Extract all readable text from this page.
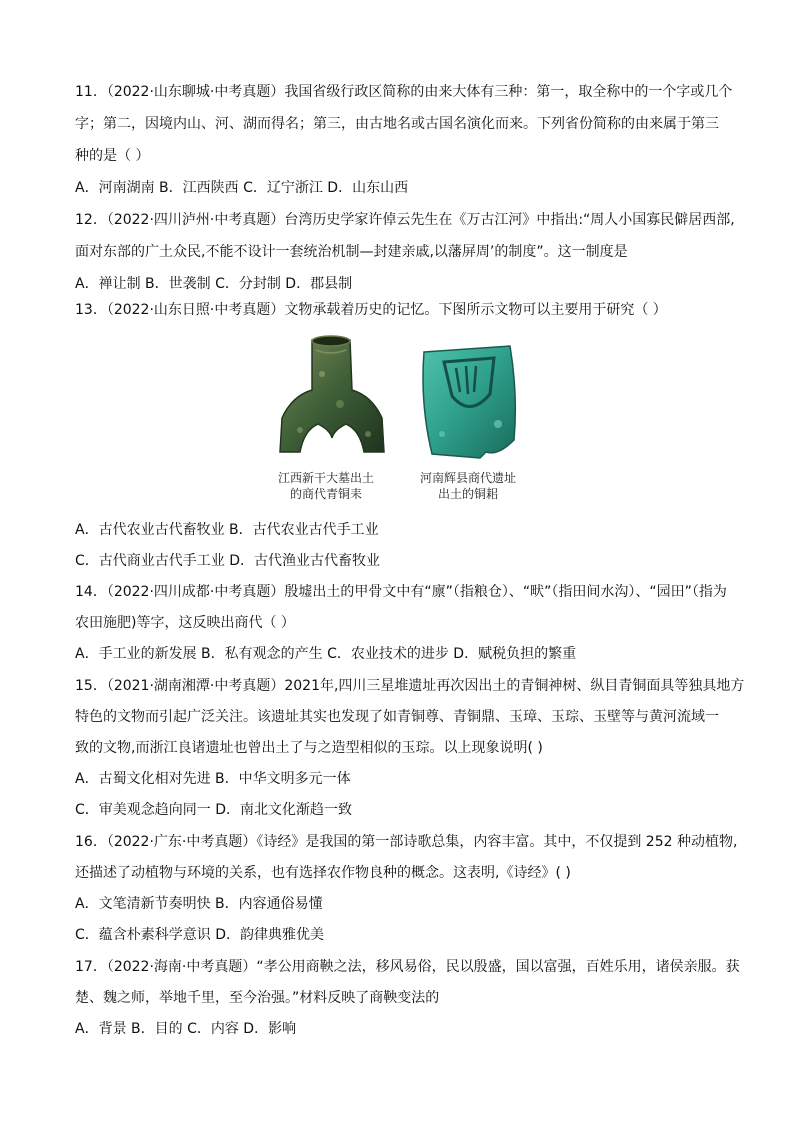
11．（2022·山东聊城·中考真题）我国省级行政区简称的由来大体有三种：第一，取全称中的一个字或几个
字；第二，因境内山、河、湖而得名；第三，由古地名或古国名演化而来。下列省份简称的由来属于第三
种的是（ ）
A．河南湖南 B．江西陕西 C．辽宁浙江 D．山东山西
12．（2022·四川泸州·中考真题）台湾历史学家许倬云先生在《万古江河》中指出:“周人小国寡民僻居西部,
面对东部的广土众民,不能不设计一套统治机制—封建亲戚,以藩屏周’的制度”。这一制度是
A．禅让制 B．世袭制 C．分封制 D．郡县制
13．（2022·山东日照·中考真题）文物承载着历史的记忆。下图所示文物可以主要用于研究（ ）
江西新干大墓出土
的商代青铜耒
河南辉县商代遗址
出土的铜耜
A．古代农业古代畜牧业 B．古代农业古代手工业
C．古代商业古代手工业 D．古代渔业古代畜牧业
14．（2022·四川成都·中考真题）殷墟出土的甲骨文中有“廪”（指粮仓）、“畎”（指田间水沟）、“园田”（指为
农田施肥)等字，这反映出商代（ ）
A．手工业的新发展 B．私有观念的产生 C．农业技术的进步 D．赋税负担的繁重
15．（2021·湖南湘潭·中考真题）2021年,四川三星堆遗址再次因出土的青铜神树、纵目青铜面具等独具地方
特色的文物而引起广泛关注。该遗址其实也发现了如青铜尊、青铜鼎、玉璋、玉琮、玉壁等与黄河流域一
致的文物,而浙江良诸遗址也曾出土了与之造型相似的玉琮。以上现象说明( )
A．古蜀文化相对先进 B．中华文明多元一体
C．审美观念趋向同一 D．南北文化渐趋一致
16．（2022·广东·中考真题）《诗经》是我国的第一部诗歌总集，内容丰富。其中，不仅提到 252 种动植物,
还描述了动植物与环境的关系，也有选择农作物良种的概念。这表明,《诗经》( )
A．文笔清新节奏明快 B．内容通俗易懂
C．蕴含朴素科学意识 D．韵律典雅优美
17．（2022·海南·中考真题）“孝公用商鞅之法，移风易俗，民以殷盛，国以富强，百姓乐用，诸侯亲服。获
楚、魏之师，举地千里，至今治强。”材料反映了商鞅变法的
A．背景 B．目的 C．内容 D．影响
